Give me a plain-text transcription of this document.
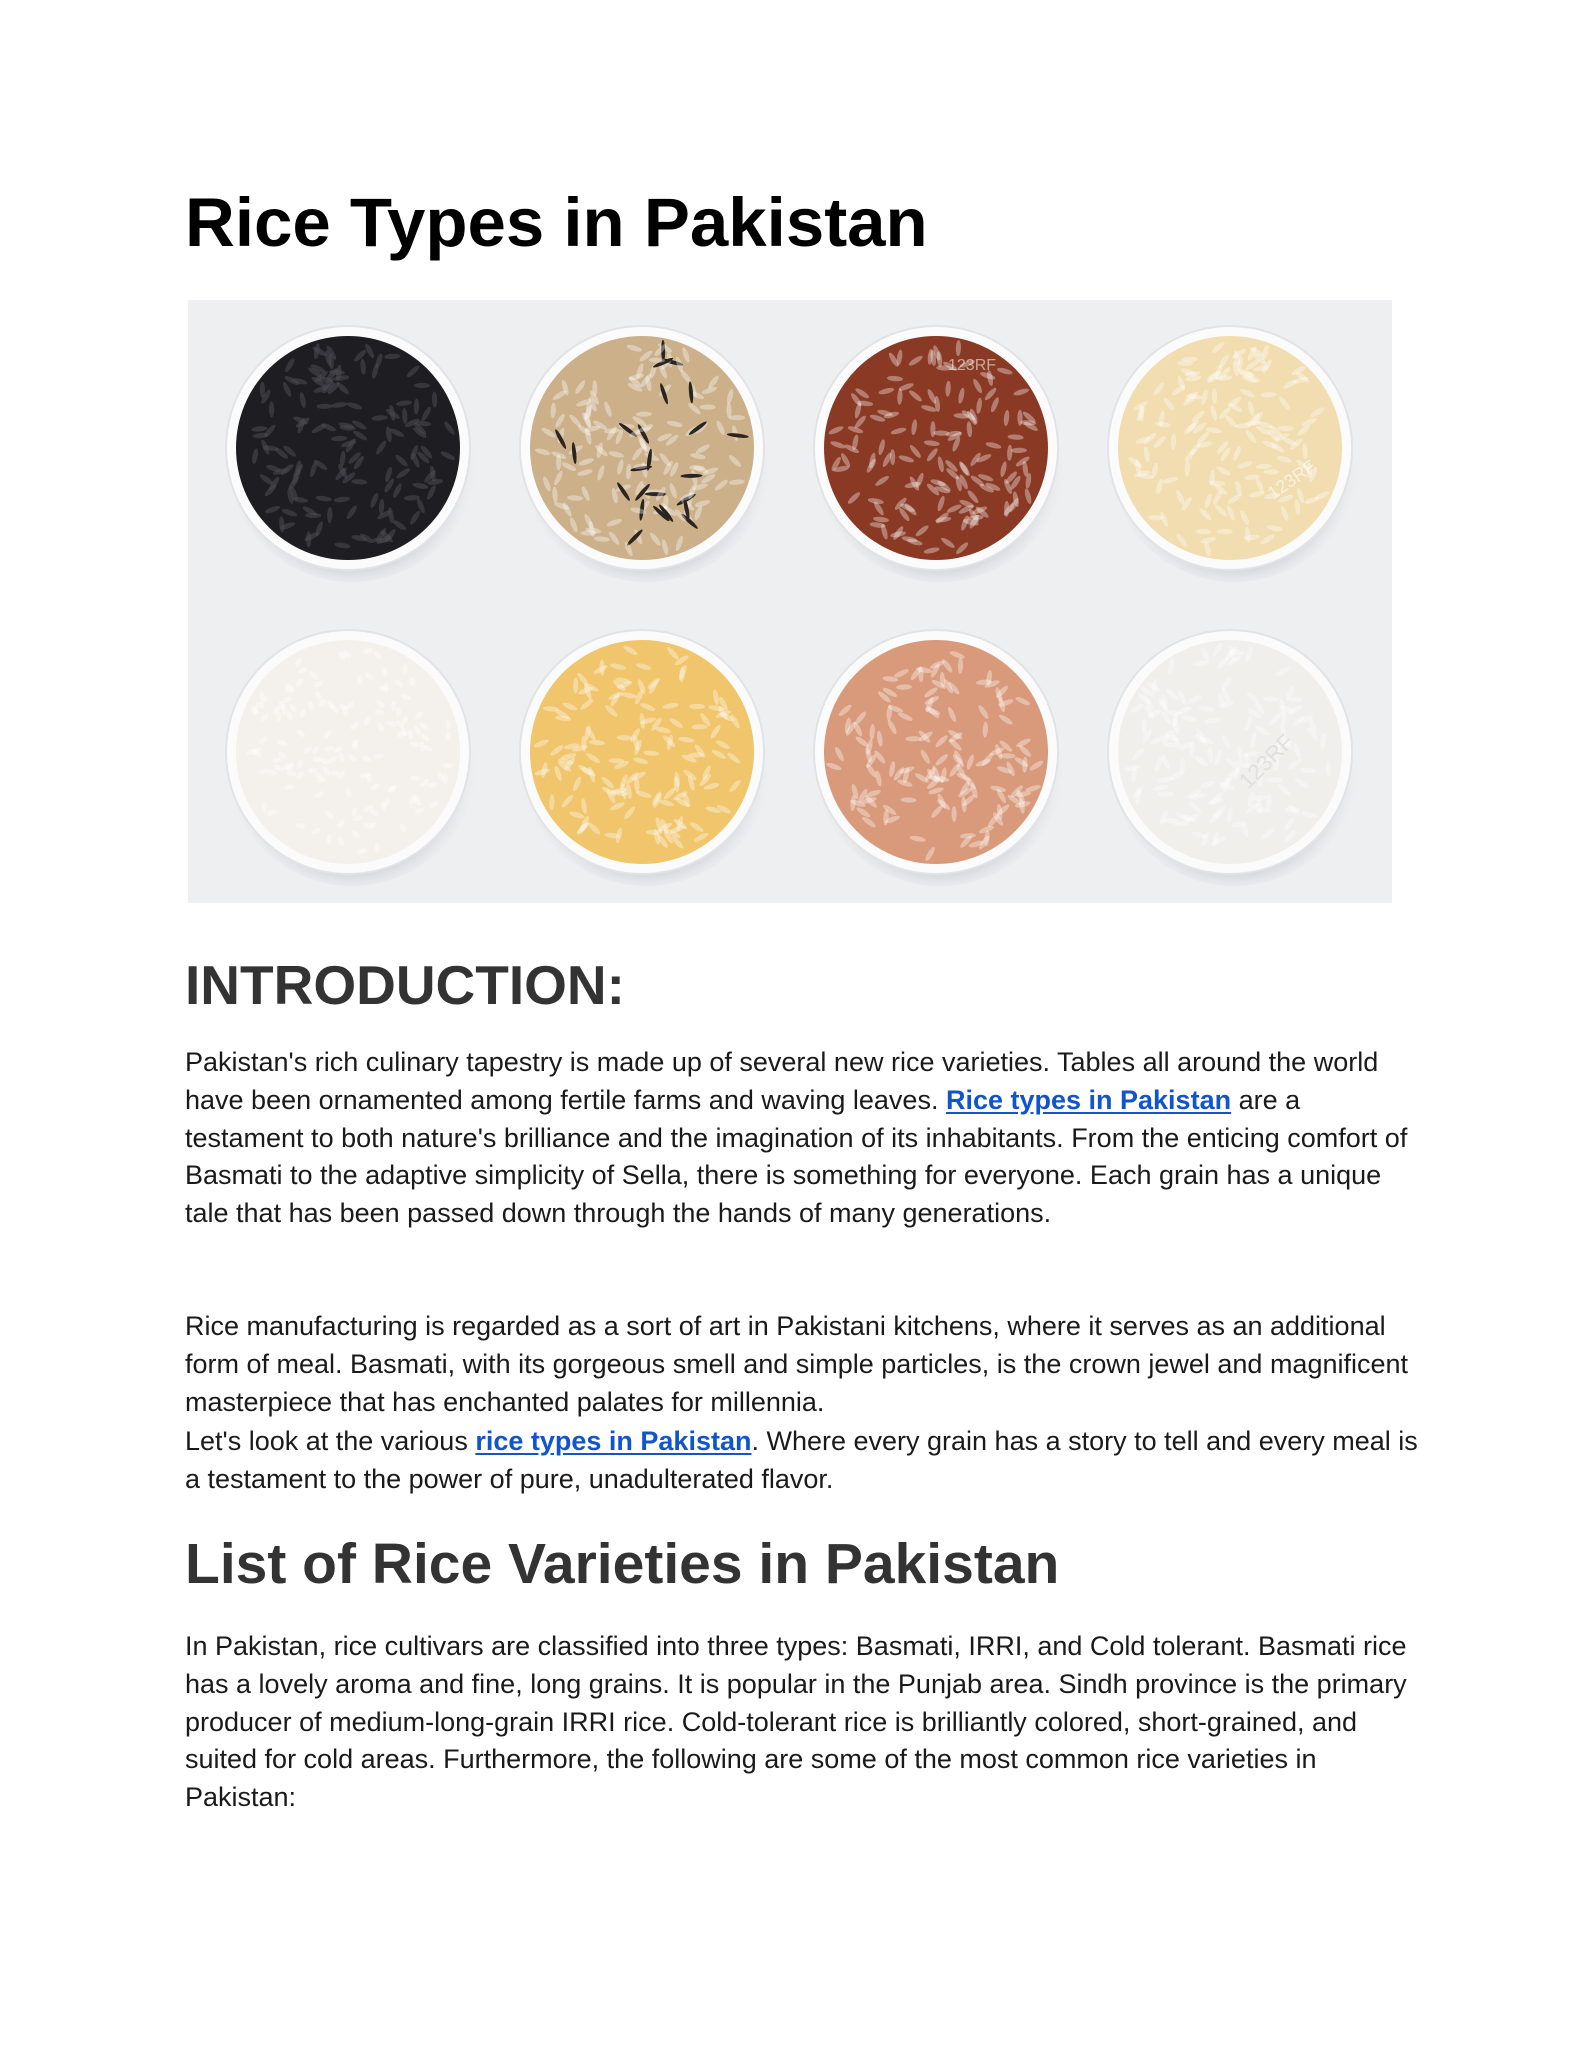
Rice Types in Pakistan
123RF
123RF
123RF
INTRODUCTION:

Pakistan's rich culinary tapestry is made up of several new rice varieties. Tables all around the world have been ornamented among fertile farms and waving leaves. Rice types in Pakistan are a testament to both nature's brilliance and the imagination of its inhabitants. From the enticing comfort of Basmati to the adaptive simplicity of Sella, there is something for everyone. Each grain has a unique tale that has been passed down through the hands of many generations.

Rice manufacturing is regarded as a sort of art in Pakistani kitchens, where it serves as an additional form of meal. Basmati, with its gorgeous smell and simple particles, is the crown jewel and magnificent masterpiece that has enchanted palates for millennia.

Let's look at the various rice types in Pakistan. Where every grain has a story to tell and every meal is a testament to the power of pure, unadulterated flavor.

List of Rice Varieties in Pakistan

In Pakistan, rice cultivars are classified into three types: Basmati, IRRI, and Cold tolerant. Basmati rice has a lovely aroma and fine, long grains. It is popular in the Punjab area. Sindh province is the primary producer of medium-long-grain IRRI rice. Cold-tolerant rice is brilliantly colored, short-grained, and suited for cold areas. Furthermore, the following are some of the most common rice varieties in Pakistan:
